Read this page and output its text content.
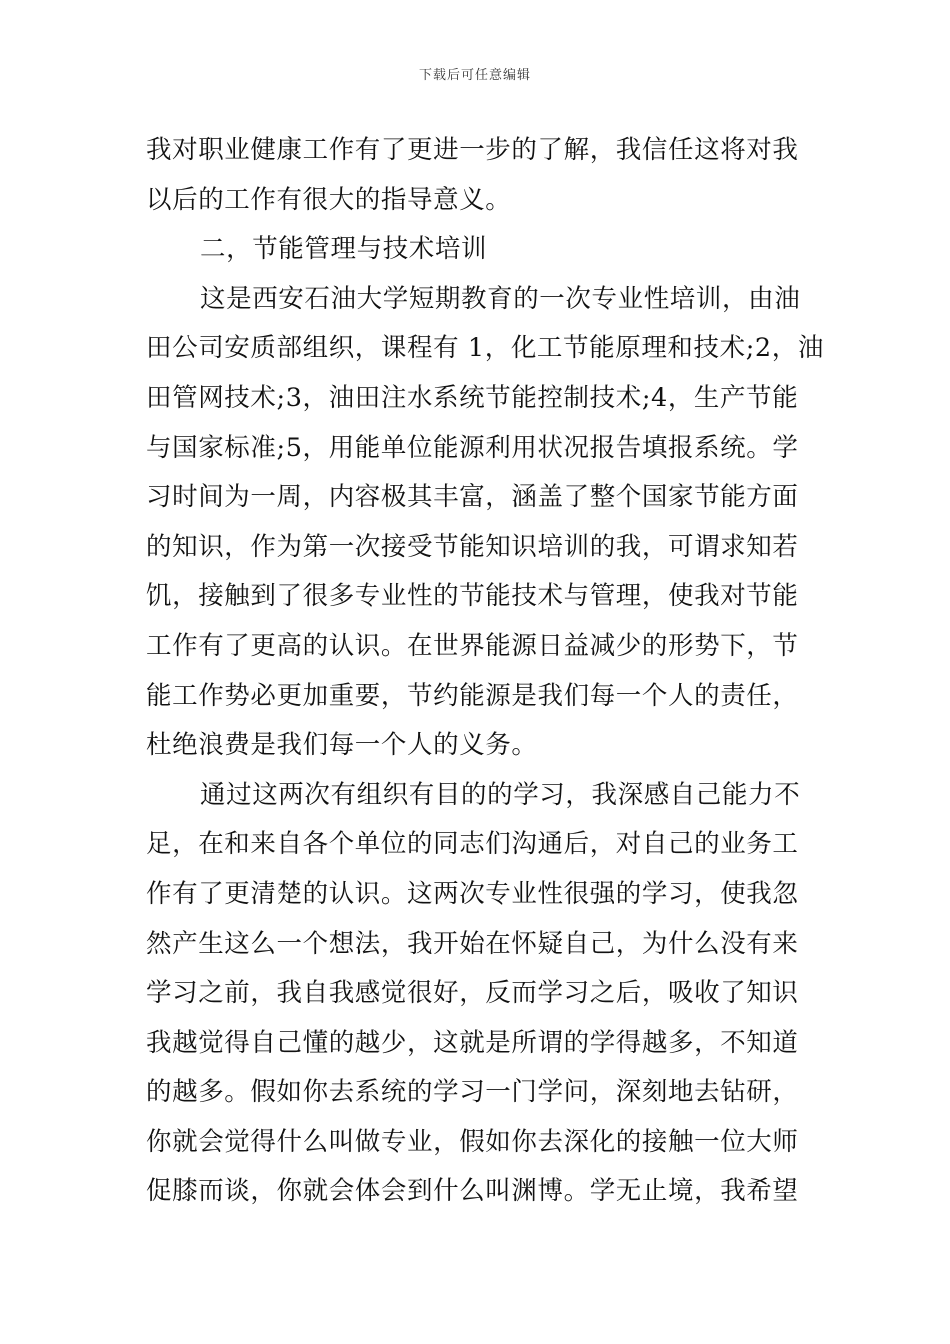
下载后可任意编辑
我对职业健康工作有了更进一步的了解，我信任这将对我
以后的工作有很大的指导意义。
二，节能管理与技术培训
这是西安石油大学短期教育的一次专业性培训，由油
田公司安质部组织，课程有 1，化工节能原理和技术;2，油
田管网技术;3，油田注水系统节能控制技术;4，生产节能
与国家标准;5，用能单位能源利用状况报告填报系统。学
习时间为一周，内容极其丰富，涵盖了整个国家节能方面
的知识，作为第一次接受节能知识培训的我，可谓求知若
饥，接触到了很多专业性的节能技术与管理，使我对节能
工作有了更高的认识。在世界能源日益减少的形势下，节
能工作势必更加重要，节约能源是我们每一个人的责任，
杜绝浪费是我们每一个人的义务。
通过这两次有组织有目的的学习，我深感自己能力不
足，在和来自各个单位的同志们沟通后，对自己的业务工
作有了更清楚的认识。这两次专业性很强的学习，使我忽
然产生这么一个想法，我开始在怀疑自己，为什么没有来
学习之前，我自我感觉很好，反而学习之后，吸收了知识
我越觉得自己懂的越少，这就是所谓的学得越多，不知道
的越多。假如你去系统的学习一门学问，深刻地去钻研，
你就会觉得什么叫做专业，假如你去深化的接触一位大师
促膝而谈，你就会体会到什么叫渊博。学无止境，我希望
